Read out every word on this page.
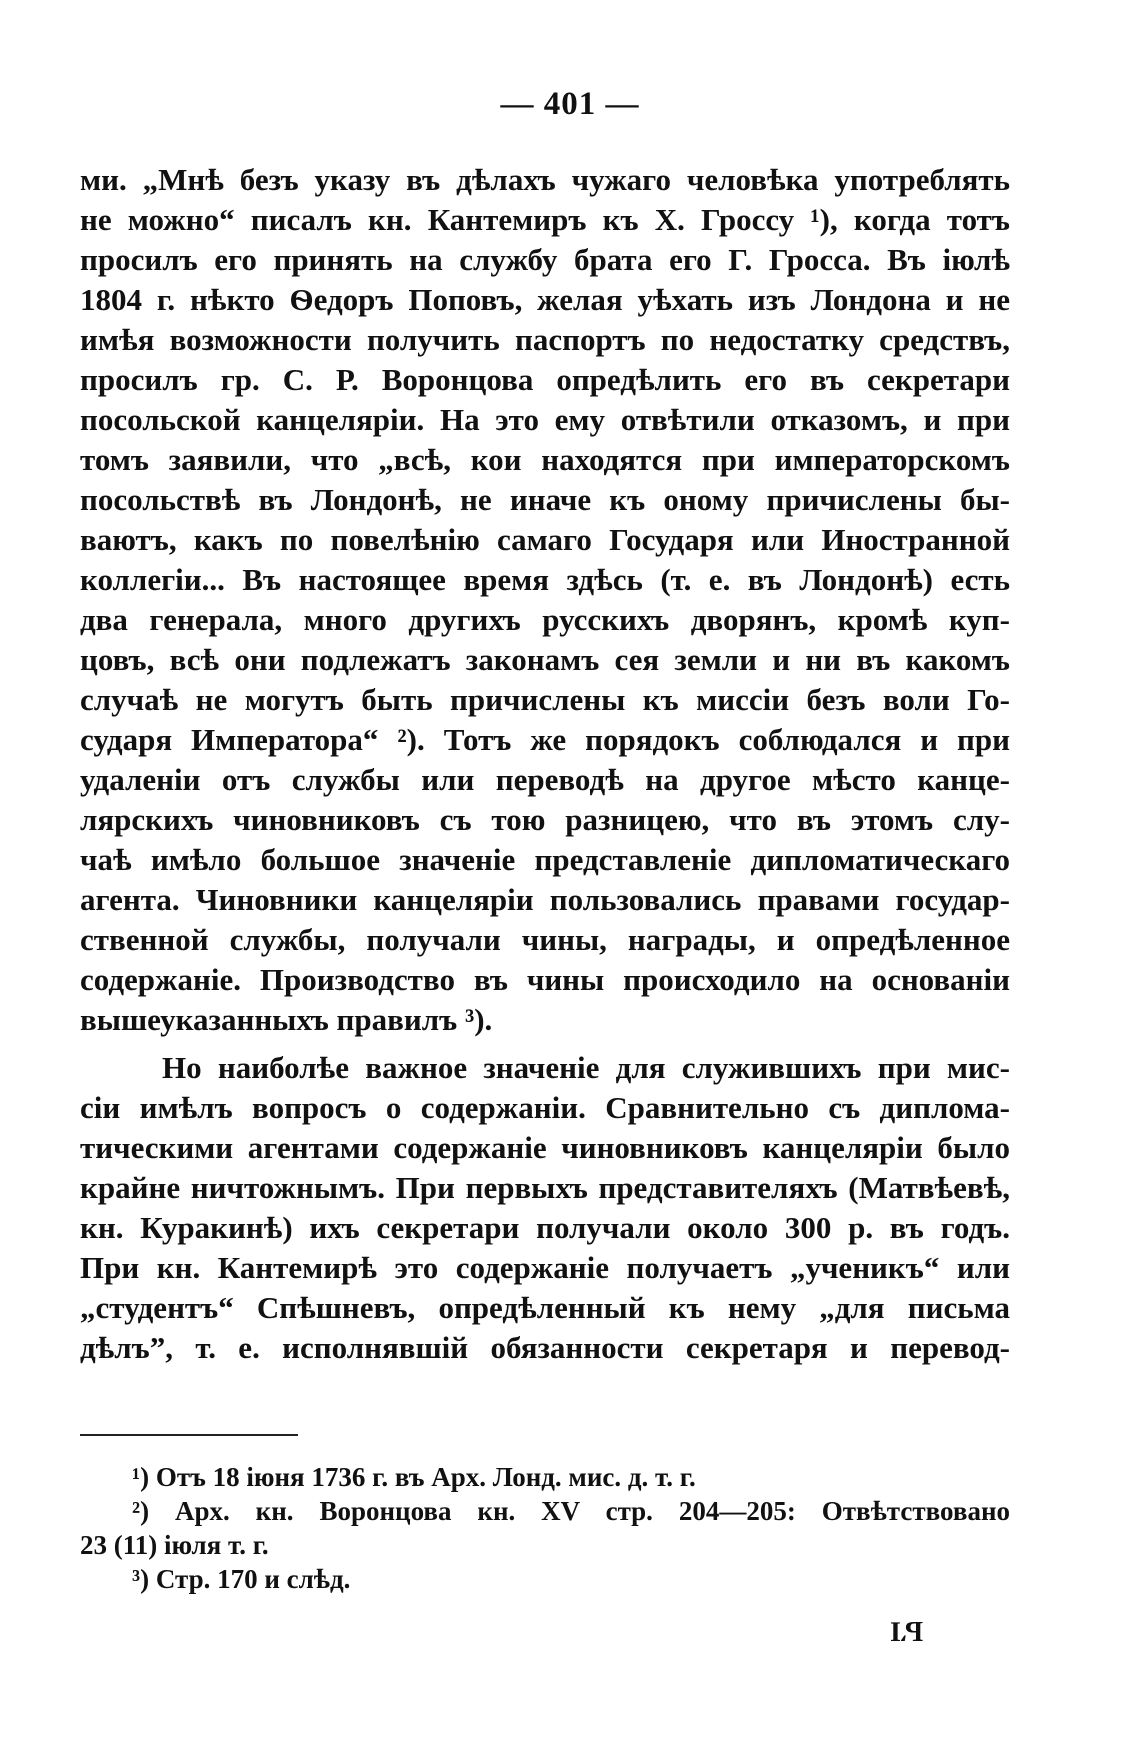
— 401 —
ми. „Мнѣ безъ указу въ дѣлахъ чужаго человѣка употреблять
не можно“ писалъ кн. Кантемиръ къ Х. Гроссу ¹), когда тотъ
просилъ его принять на службу брата его Г. Гросса. Въ іюлѣ
1804 г. нѣкто Ѳедоръ Поповъ, желая уѣхать изъ Лондона и не
имѣя возможности получить паспортъ по недостатку средствъ,
просилъ гр. С. Р. Воронцова опредѣлить его въ секретари
посольской канцеляріи. На это ему отвѣтили отказомъ, и при
томъ заявили, что „всѣ, кои находятся при императорскомъ
посольствѣ въ Лондонѣ, не иначе къ оному причислены бы-
ваютъ, какъ по повелѣнію самаго Государя или Иностранной
коллегіи... Въ настоящее время здѣсь (т. е. въ Лондонѣ) есть
два генерала, много другихъ русскихъ дворянъ, кромѣ куп-
цовъ, всѣ они подлежатъ законамъ сея земли и ни въ какомъ
случаѣ не могутъ быть причислены къ миссіи безъ воли Го-
сударя Императора“ ²). Тотъ же порядокъ соблюдался и при
удаленіи отъ службы или переводѣ на другое мѣсто канце-
лярскихъ чиновниковъ съ тою разницею, что въ этомъ слу-
чаѣ имѣло большое значеніе представленіе дипломатическаго
агента. Чиновники канцеляріи пользовались правами государ-
ственной службы, получали чины, награды, и опредѣленное
содержаніе. Производство въ чины происходило на основаніи
вышеуказанныхъ правилъ ³).
Но наиболѣе важное значеніе для служившихъ при мис-
сіи имѣлъ вопросъ о содержаніи. Сравнительно съ диплома-
тическими агентами содержаніе чиновниковъ канцеляріи было
крайне ничтожнымъ. При первыхъ представителяхъ (Матвѣевѣ,
кн. Куракинѣ) ихъ секретари получали около 300 р. въ годъ.
При кн. Кантемирѣ это содержаніе получаетъ „ученикъ“ или
„студентъ“ Спѣшневъ, опредѣленный къ нему „для письма
дѣлъ”, т. е. исполнявшій обязанности секретаря и перевод-
¹) Отъ 18 іюня 1736 г. въ Арх. Лонд. мис. д. т. г.
²) Арх. кн. Воронцова кн. XV стр. 204—205: Отвѣтствовано
23 (11) іюля т. г.
³) Стр. 170 и слѣд.
ЬΊ
